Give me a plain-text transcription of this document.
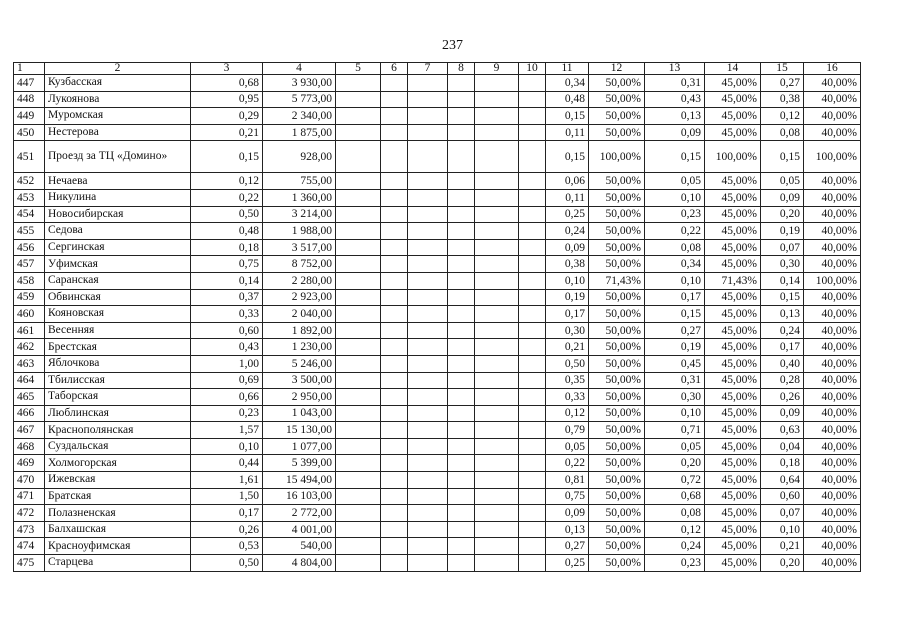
237
1	2	3	4	5	6	7	8	9	10	11	12	13	14	15	16
447	Кузбасская	0,68	3 930,00							0,34	50,00%	0,31	45,00%	0,27	40,00%
448	Лукоянова	0,95	5 773,00							0,48	50,00%	0,43	45,00%	0,38	40,00%
449	Муромская	0,29	2 340,00							0,15	50,00%	0,13	45,00%	0,12	40,00%
450	Нестерова	0,21	1 875,00							0,11	50,00%	0,09	45,00%	0,08	40,00%
451	Проезд за ТЦ «Домино»	0,15	928,00							0,15	100,00%	0,15	100,00%	0,15	100,00%
452	Нечаева	0,12	755,00							0,06	50,00%	0,05	45,00%	0,05	40,00%
453	Никулина	0,22	1 360,00							0,11	50,00%	0,10	45,00%	0,09	40,00%
454	Новосибирская	0,50	3 214,00							0,25	50,00%	0,23	45,00%	0,20	40,00%
455	Седова	0,48	1 988,00							0,24	50,00%	0,22	45,00%	0,19	40,00%
456	Сергинская	0,18	3 517,00							0,09	50,00%	0,08	45,00%	0,07	40,00%
457	Уфимская	0,75	8 752,00							0,38	50,00%	0,34	45,00%	0,30	40,00%
458	Саранская	0,14	2 280,00							0,10	71,43%	0,10	71,43%	0,14	100,00%
459	Обвинская	0,37	2 923,00							0,19	50,00%	0,17	45,00%	0,15	40,00%
460	Кояновская	0,33	2 040,00							0,17	50,00%	0,15	45,00%	0,13	40,00%
461	Весенняя	0,60	1 892,00							0,30	50,00%	0,27	45,00%	0,24	40,00%
462	Брестская	0,43	1 230,00							0,21	50,00%	0,19	45,00%	0,17	40,00%
463	Яблочкова	1,00	5 246,00							0,50	50,00%	0,45	45,00%	0,40	40,00%
464	Тбилисская	0,69	3 500,00							0,35	50,00%	0,31	45,00%	0,28	40,00%
465	Таборская	0,66	2 950,00							0,33	50,00%	0,30	45,00%	0,26	40,00%
466	Люблинская	0,23	1 043,00							0,12	50,00%	0,10	45,00%	0,09	40,00%
467	Краснополянская	1,57	15 130,00							0,79	50,00%	0,71	45,00%	0,63	40,00%
468	Суздальская	0,10	1 077,00							0,05	50,00%	0,05	45,00%	0,04	40,00%
469	Холмогорская	0,44	5 399,00							0,22	50,00%	0,20	45,00%	0,18	40,00%
470	Ижевская	1,61	15 494,00							0,81	50,00%	0,72	45,00%	0,64	40,00%
471	Братская	1,50	16 103,00							0,75	50,00%	0,68	45,00%	0,60	40,00%
472	Полазненская	0,17	2 772,00							0,09	50,00%	0,08	45,00%	0,07	40,00%
473	Балхашская	0,26	4 001,00							0,13	50,00%	0,12	45,00%	0,10	40,00%
474	Красноуфимская	0,53	540,00							0,27	50,00%	0,24	45,00%	0,21	40,00%
475	Старцева	0,50	4 804,00							0,25	50,00%	0,23	45,00%	0,20	40,00%
